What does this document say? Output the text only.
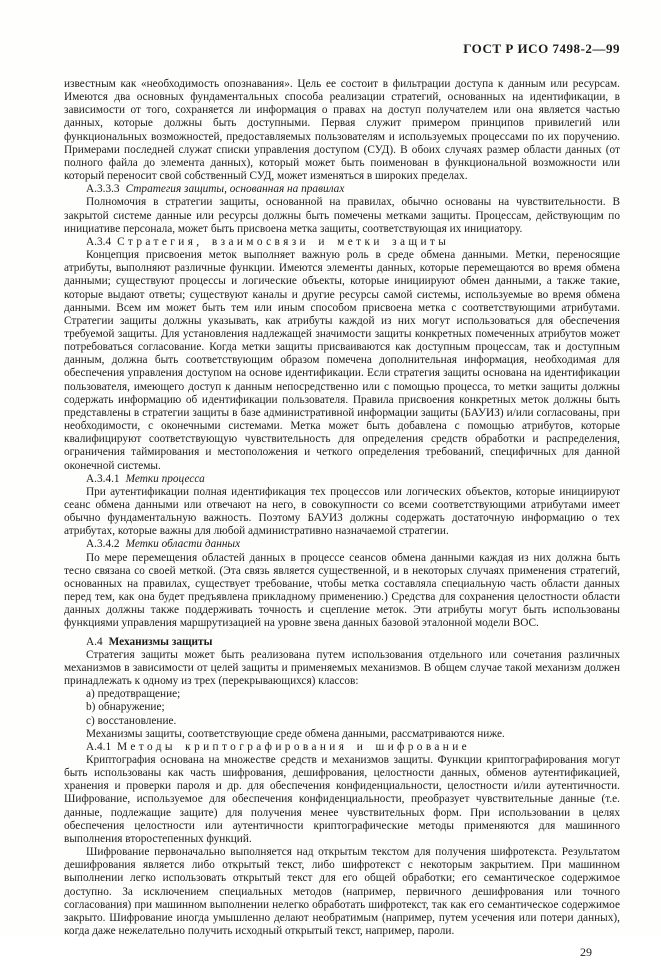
ГОСТ Р ИСО 7498-2—99

известным как «необходимость опознавания». Цель ее состоит в фильтрации доступа к данным или ресурсам. Имеются два основных фундаментальных способа реализации стратегий, основанных на идентификации, в зависимости от того, сохраняется ли информация о правах на доступ получателем или она является частью данных, которые должны быть доступными. Первая служит примером принципов привилегий или функциональных возможностей, предоставляемых пользователям и используемых процессами по их поручению. Примерами последней служат списки управления доступом (СУД). В обоих случаях размер области данных (от полного файла до элемента данных), который может быть поименован в функциональной возможности или который переносит свой собственный СУД, может изменяться в широких пределах.

А.3.3.3 Стратегия защиты, основанная на правилах

Полномочия в стратегии защиты, основанной на правилах, обычно основаны на чувствительности. В закрытой системе данные или ресурсы должны быть помечены метками защиты. Процессам, действующим по инициативе персонала, может быть присвоена метка защиты, соответствующая их инициатору.

А.3.4 Стратегия, взаимосвязи и метки защиты

Концепция присвоения меток выполняет важную роль в среде обмена данными. Метки, переносящие атрибуты, выполняют различные функции. Имеются элементы данных, которые перемещаются во время обмена данными; существуют процессы и логические объекты, которые инициируют обмен данными, а также такие, которые выдают ответы; существуют каналы и другие ресурсы самой системы, используемые во время обмена данными. Всем им может быть тем или иным способом присвоена метка с соответствующими атрибутами. Стратегии защиты должны указывать, как атрибуты каждой из них могут использоваться для обеспечения требуемой защиты. Для установления надлежащей значимости защиты конкретных помеченных атрибутов может потребоваться согласование. Когда метки защиты присваиваются как доступным процессам, так и доступным данным, должна быть соответствующим образом помечена дополнительная информация, необходимая для обеспечения управления доступом на основе идентификации. Если стратегия защиты основана на идентификации пользователя, имеющего доступ к данным непосредственно или с помощью процесса, то метки защиты должны содержать информацию об идентификации пользователя. Правила присвоения конкретных меток должны быть представлены в стратегии защиты в базе административной информации защиты (БАУИЗ) и/или согласованы, при необходимости, с оконечными системами. Метка может быть добавлена с помощью атрибутов, которые квалифицируют соответствующую чувствительность для определения средств обработки и распределения, ограничения таймирования и местоположения и четкого определения требований, специфичных для данной оконечной системы.

А.3.4.1 Метки процесса

При аутентификации полная идентификация тех процессов или логических объектов, которые инициируют сеанс обмена данными или отвечают на него, в совокупности со всеми соответствующими атрибутами имеет обычно фундаментальную важность. Поэтому БАУИЗ должны содержать достаточную информацию о тех атрибутах, которые важны для любой административно назначаемой стратегии.

А.3.4.2 Метки области данных

По мере перемещения областей данных в процессе сеансов обмена данными каждая из них должна быть тесно связана со своей меткой. (Эта связь является существенной, и в некоторых случаях применения стратегий, основанных на правилах, существует требование, чтобы метка составляла специальную часть области данных перед тем, как она будет предъявлена прикладному применению.) Средства для сохранения целостности области данных должны также поддерживать точность и сцепление меток. Эти атрибуты могут быть использованы функциями управления маршрутизацией на уровне звена данных базовой эталонной модели ВОС.

А.4 Механизмы защиты

Стратегия защиты может быть реализована путем использования отдельного или сочетания различных механизмов в зависимости от целей защиты и применяемых механизмов. В общем случае такой механизм должен принадлежать к одному из трех (перекрывающихся) классов:

a) предотвращение;
b) обнаружение;
c) восстановление.

Механизмы защиты, соответствующие среде обмена данными, рассматриваются ниже.

А.4.1 Методы криптографирования и шифрование

Криптография основана на множестве средств и механизмов защиты. Функции криптографирования могут быть использованы как часть шифрования, дешифрования, целостности данных, обменов аутентификацией, хранения и проверки пароля и др. для обеспечения конфиденциальности, целостности и/или аутентичности. Шифрование, используемое для обеспечения конфиденциальности, преобразует чувствительные данные (т.е. данные, подлежащие защите) для получения менее чувствительных форм. При использовании в целях обеспечения целостности или аутентичности криптографические методы применяются для машинного выполнения второстепенных функций.

Шифрование первоначально выполняется над открытым текстом для получения шифротекста. Результатом дешифрования является либо открытый текст, либо шифротекст с некоторым закрытием. При машинном выполнении легко использовать открытый текст для его общей обработки; его семантическое содержимое доступно. За исключением специальных методов (например, первичного дешифрования или точного согласования) при машинном выполнении нелегко обработать шифротекст, так как его семантическое содержимое закрыто. Шифрование иногда умышленно делают необратимым (например, путем усечения или потери данных), когда даже нежелательно получить исходный открытый текст, например, пароли.

29
